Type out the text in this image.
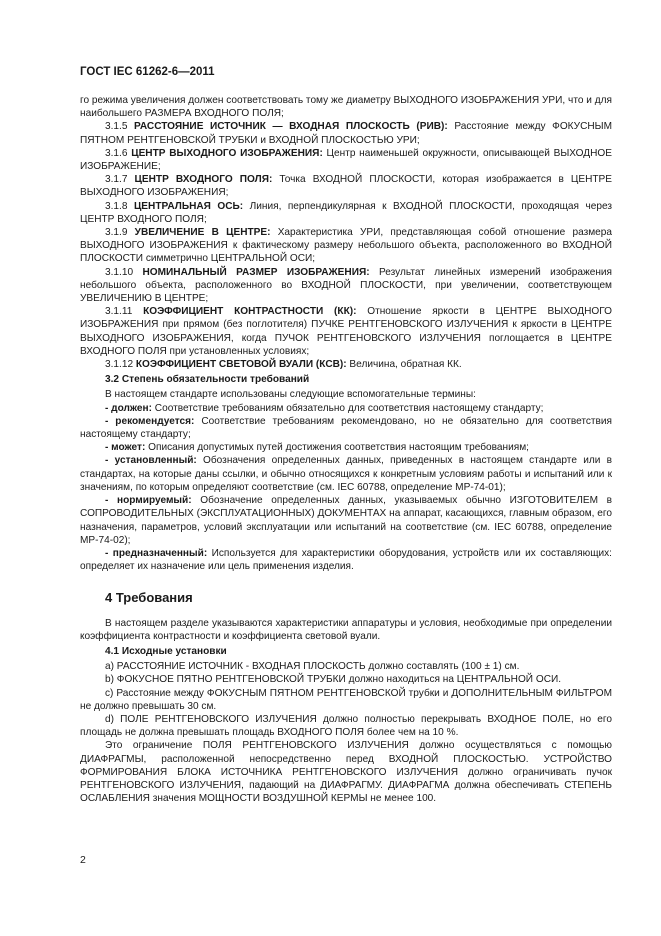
ГОСТ IEC 61262-6—2011

го режима увеличения должен соответствовать тому же диаметру ВЫХОДНОГО ИЗОБРАЖЕНИЯ УРИ, что и для наибольшего РАЗМЕРА ВХОДНОГО ПОЛЯ;

3.1.5 РАССТОЯНИЕ ИСТОЧНИК — ВХОДНАЯ ПЛОСКОСТЬ (РИВ): Расстояние между ФОКУСНЫМ ПЯТНОМ РЕНТГЕНОВСКОЙ ТРУБКИ и ВХОДНОЙ ПЛОСКОСТЬЮ УРИ;

3.1.6 ЦЕНТР ВЫХОДНОГО ИЗОБРАЖЕНИЯ: Центр наименьшей окружности, описывающей ВЫХОДНОЕ ИЗОБРАЖЕНИЕ;

3.1.7 ЦЕНТР ВХОДНОГО ПОЛЯ: Точка ВХОДНОЙ ПЛОСКОСТИ, которая изображается в ЦЕНТРЕ ВЫХОДНОГО ИЗОБРАЖЕНИЯ;

3.1.8 ЦЕНТРАЛЬНАЯ ОСЬ: Линия, перпендикулярная к ВХОДНОЙ ПЛОСКОСТИ, проходящая через ЦЕНТР ВХОДНОГО ПОЛЯ;

3.1.9 УВЕЛИЧЕНИЕ В ЦЕНТРЕ: Характеристика УРИ, представляющая собой отношение размера ВЫХОДНОГО ИЗОБРАЖЕНИЯ к фактическому размеру небольшого объекта, расположенного во ВХОДНОЙ ПЛОСКОСТИ симметрично ЦЕНТРАЛЬНОЙ ОСИ;

3.1.10 НОМИНАЛЬНЫЙ РАЗМЕР ИЗОБРАЖЕНИЯ: Результат линейных измерений изображения небольшого объекта, расположенного во ВХОДНОЙ ПЛОСКОСТИ, при увеличении, соответствующем УВЕЛИЧЕНИЮ В ЦЕНТРЕ;

3.1.11 КОЭФФИЦИЕНТ КОНТРАСТНОСТИ (КК): Отношение яркости в ЦЕНТРЕ ВЫХОДНОГО ИЗОБРАЖЕНИЯ при прямом (без поглотителя) ПУЧКЕ РЕНТГЕНОВСКОГО ИЗЛУЧЕНИЯ к яркости в ЦЕНТРЕ ВЫХОДНОГО ИЗОБРАЖЕНИЯ, когда ПУЧОК РЕНТГЕНОВСКОГО ИЗЛУЧЕНИЯ поглощается в ЦЕНТРЕ ВХОДНОГО ПОЛЯ при установленных условиях;

3.1.12 КОЭФФИЦИЕНТ СВЕТОВОЙ ВУАЛИ (КСВ): Величина, обратная КК.

3.2 Степень обязательности требований

В настоящем стандарте использованы следующие вспомогательные термины:

- должен: Соответствие требованиям обязательно для соответствия настоящему стандарту;

- рекомендуется: Соответствие требованиям рекомендовано, но не обязательно для соответствия настоящему стандарту;

- может: Описания допустимых путей достижения соответствия настоящим требованиям;

- установленный: Обозначения определенных данных, приведенных в настоящем стандарте или в стандартах, на которые даны ссылки, и обычно относящихся к конкретным условиям работы и испытаний или к значениям, по которым определяют соответствие (см. IEC 60788, определение МР-74-01);

- нормируемый: Обозначение определенных данных, указываемых обычно ИЗГОТОВИТЕЛЕМ в СОПРОВОДИТЕЛЬНЫХ (ЭКСПЛУАТАЦИОННЫХ) ДОКУМЕНТАХ на аппарат, касающихся, главным образом, его назначения, параметров, условий эксплуатации или испытаний на соответствие (см. IEC 60788, определение МР-74-02);

- предназначенный: Используется для характеристики оборудования, устройств или их составляющих: определяет их назначение или цель применения изделия.

4 Требования

В настоящем разделе указываются характеристики аппаратуры и условия, необходимые при определении коэффициента контрастности и коэффициента световой вуали.

4.1 Исходные установки

а) РАССТОЯНИЕ ИСТОЧНИК - ВХОДНАЯ ПЛОСКОСТЬ должно составлять (100 ± 1) см.

b) ФОКУСНОЕ ПЯТНО РЕНТГЕНОВСКОЙ ТРУБКИ должно находиться на ЦЕНТРАЛЬНОЙ ОСИ.

с) Расстояние между ФОКУСНЫМ ПЯТНОМ РЕНТГЕНОВСКОЙ трубки и ДОПОЛНИТЕЛЬНЫМ ФИЛЬТРОМ не должно превышать 30 см.

d) ПОЛЕ РЕНТГЕНОВСКОГО ИЗЛУЧЕНИЯ должно полностью перекрывать ВХОДНОЕ ПОЛЕ, но его площадь не должна превышать площадь ВХОДНОГО ПОЛЯ более чем на 10 %.

Это ограничение ПОЛЯ РЕНТГЕНОВСКОГО ИЗЛУЧЕНИЯ должно осуществляться с помощью ДИАФРАГМЫ, расположенной непосредственно перед ВХОДНОЙ ПЛОСКОСТЬЮ. УСТРОЙСТВО ФОРМИРОВАНИЯ БЛОКА ИСТОЧНИКА РЕНТГЕНОВСКОГО ИЗЛУЧЕНИЯ должно ограничивать пучок РЕНТГЕНОВСКОГО ИЗЛУЧЕНИЯ, падающий на ДИАФРАГМУ. ДИАФРАГМА должна обеспечивать СТЕПЕНЬ ОСЛАБЛЕНИЯ значения МОЩНОСТИ ВОЗДУШНОЙ КЕРМЫ не менее 100.

2
